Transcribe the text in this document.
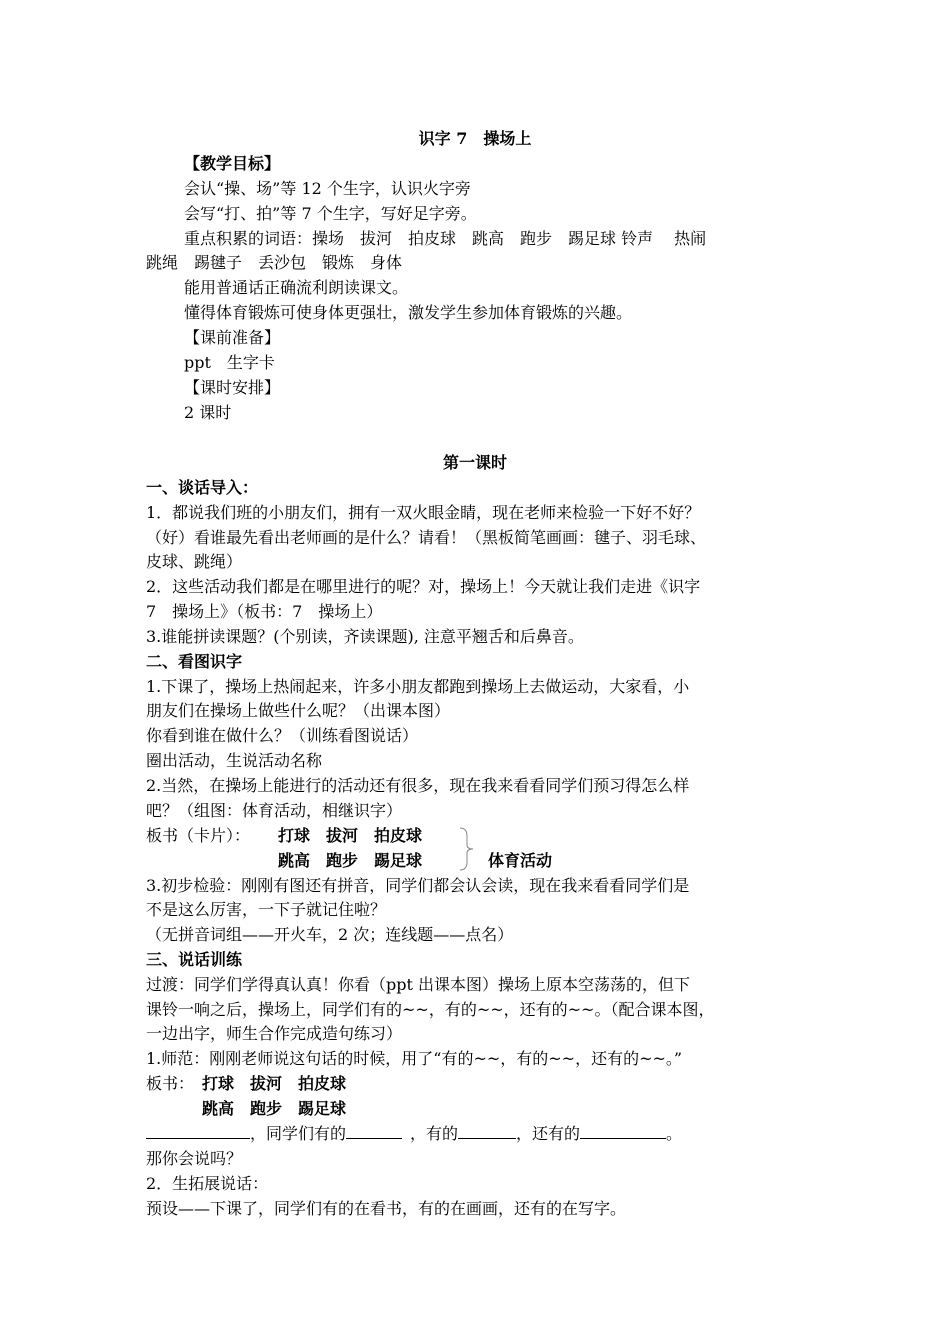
识字 7　操场上
【教学目标】
会认“操、场”等 12 个生字，认识火字旁
会写“打、拍”等 7 个生字，写好足字旁。
重点积累的词语：操场　拔河　拍皮球　跳高　跑步　踢足球 铃声　 热闹
跳绳　踢毽子　丢沙包　锻炼　身体
能用普通话正确流利朗读课文。
懂得体育锻炼可使身体更强壮，激发学生参加体育锻炼的兴趣。
【课前准备】
ppt　生字卡
【课时安排】
2 课时
第一课时
一、谈话导入：
1．都说我们班的小朋友们，拥有一双火眼金睛，现在老师来检验一下好不好？
（好）看谁最先看出老师画的是什么？请看！（黑板简笔画画：毽子、羽毛球、
皮球、跳绳）
2．这些活动我们都是在哪里进行的呢？对，操场上！今天就让我们走进《识字
7　操场上》（板书：7　操场上）
3.谁能拼读课题？(个别读，齐读课题), 注意平翘舌和后鼻音。
二、看图识字
1.下课了，操场上热闹起来，许多小朋友都跑到操场上去做运动，大家看，小
朋友们在操场上做些什么呢？（出课本图）
你看到谁在做什么？（训练看图说话）
圈出活动，生说活动名称
2.当然，在操场上能进行的活动还有很多，现在我来看看同学们预习得怎么样
吧？（组图：体育活动，相继识字）
板书（卡片）： 打球　拔河　拍皮球
跳高　跑步　踢足球	体育活动
3.初步检验：刚刚有图还有拼音，同学们都会认会读，现在我来看看同学们是
不是这么厉害，一下子就记住啦？
（无拼音词组——开火车，2 次；连线题——点名）
三、说话训练
过渡：同学们学得真认真！你看（ppt 出课本图）操场上原本空荡荡的，但下
课铃一响之后，操场上，同学们有的~~，有的~~，还有的~~。（配合课本图，
一边出字，师生合作完成造句练习）
1.师范：刚刚老师说这句话的时候，用了“有的~~，有的~~，还有的~~。”
板书： 打球　拔河　拍皮球
跳高　跑步　踢足球
，同学们有的	，有的	，还有的	。
那你会说吗？
2．生拓展说话：
预设——下课了，同学们有的在看书，有的在画画，还有的在写字。
